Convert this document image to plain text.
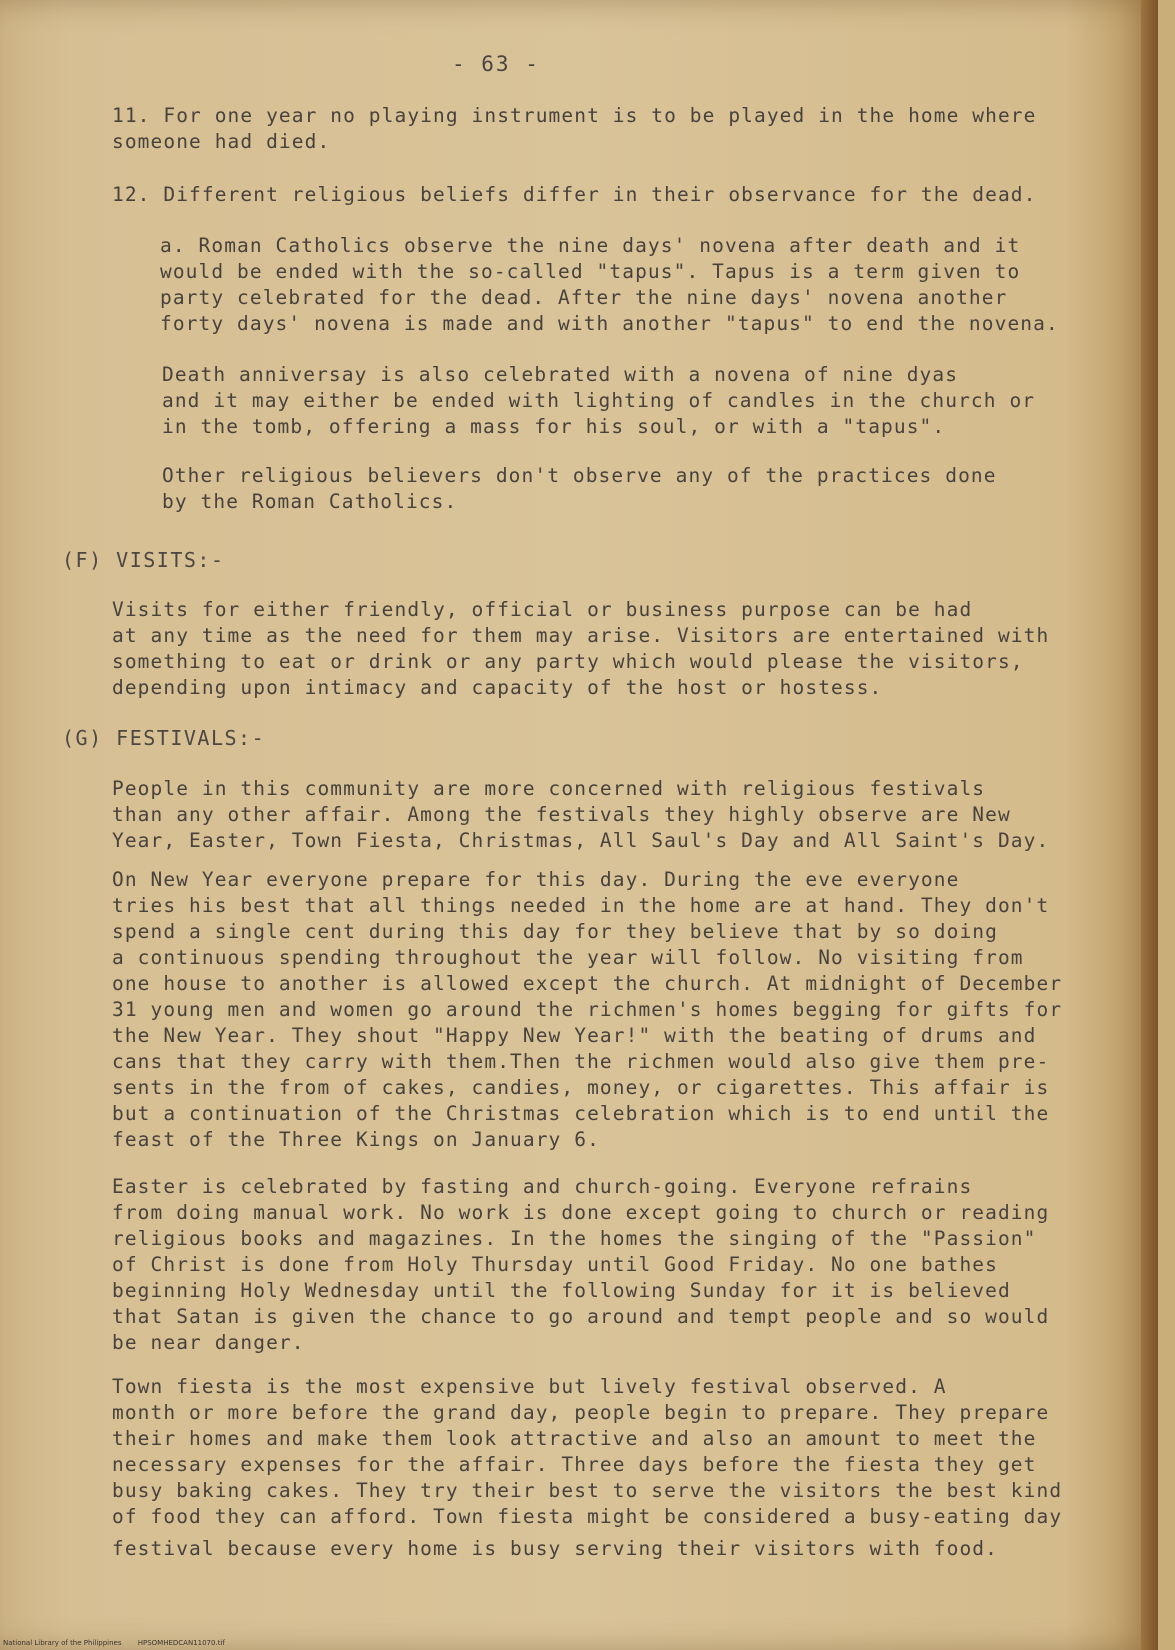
- 63 -
11. For one year no playing instrument is to be played in the home where
someone had died.
12. Different religious beliefs differ in their observance for the dead.
a. Roman Catholics observe the nine days' novena after death and it
would be ended with the so-called "tapus". Tapus is a term given to
party celebrated for the dead. After the nine days' novena another
forty days' novena is made and with another "tapus" to end the novena.
Death anniversay is also celebrated with a novena of nine dyas
and it may either be ended with lighting of candles in the church or
in the tomb, offering a mass for his soul, or with a "tapus".
Other religious believers don't observe any of the practices done
by the Roman Catholics.
(F) VISITS:-
Visits for either friendly, official or business purpose can be had
at any time as the need for them may arise. Visitors are entertained with
something to eat or drink or any party which would please the visitors,
depending upon intimacy and capacity of the host or hostess.
(G) FESTIVALS:-
People in this community are more concerned with religious festivals
than any other affair. Among the festivals they highly observe are New
Year, Easter, Town Fiesta, Christmas, All Saul's Day and All Saint's Day.
On New Year everyone prepare for this day. During the eve everyone
tries his best that all things needed in the home are at hand. They don't
spend a single cent during this day for they believe that by so doing
a continuous spending throughout the year will follow. No visiting from
one house to another is allowed except the church. At midnight of December
31 young men and women go around the richmen's homes begging for gifts for
the New Year. They shout "Happy New Year!" with the beating of drums and
cans that they carry with them.Then the richmen would also give them pre-
sents in the from of cakes, candies, money, or cigarettes. This affair is
but a continuation of the Christmas celebration which is to end until the
feast of the Three Kings on January 6.
Easter is celebrated by fasting and church-going. Everyone refrains
from doing manual work. No work is done except going to church or reading
religious books and magazines. In the homes the singing of the "Passion"
of Christ is done from Holy Thursday until Good Friday. No one bathes
beginning Holy Wednesday until the following Sunday for it is believed
that Satan is given the chance to go around and tempt people and so would
be near danger.
Town fiesta is the most expensive but lively festival observed. A
month or more before the grand day, people begin to prepare. They prepare
their homes and make them look attractive and also an amount to meet the
necessary expenses for the affair. Three days before the fiesta they get
busy baking cakes. They try their best to serve the visitors the best kind
of food they can afford. Town fiesta might be considered a busy-eating day
festival because every home is busy serving their visitors with food.
National Library of the Philippines HPSOMHEDCAN11070.tif
